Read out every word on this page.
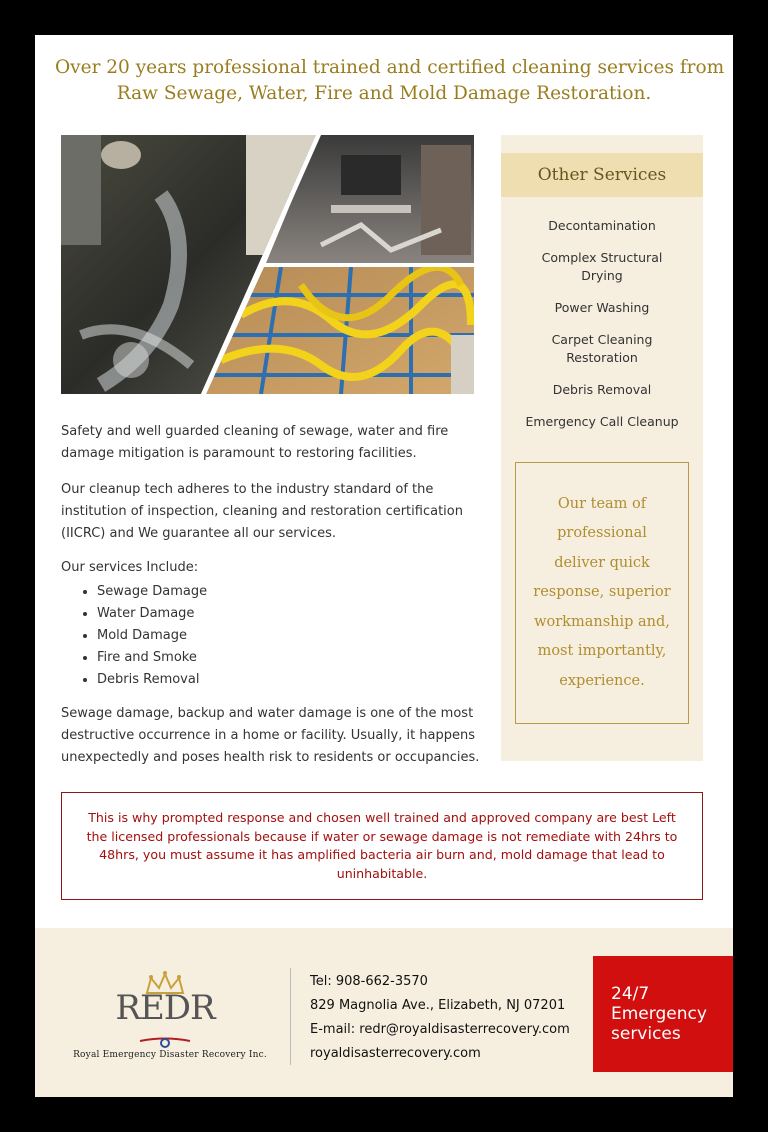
Over 20 years professional trained and certified cleaning services from
Raw Sewage, Water, Fire and Mold Damage Restoration.
Safety and well guarded cleaning of sewage, water and fire damage mitigation is paramount to restoring facilities.
Our cleanup tech adheres to the industry standard of the institution of inspection, cleaning and restoration certification (IICRC) and We guarantee all our services.
Our services Include:
• Sewage Damage
• Water Damage
• Mold Damage
• Fire and Smoke
• Debris Removal
Sewage damage, backup and water damage is one of the most destructive occurrence in a home or facility. Usually, it happens unexpectedly and poses health risk to residents or occupancies.
Other Services
Decontamination
Complex Structural Drying
Power Washing
Carpet Cleaning Restoration
Debris Removal
Emergency Call Cleanup
Our team of professional deliver quick response, superior workmanship and, most importantly, experience.
This is why prompted response and chosen well trained and approved company are best Left the licensed professionals because if water or sewage damage is not remediate with 24hrs to 48hrs, you must assume it has amplified bacteria air burn and, mold damage that lead to uninhabitable.
REDR
Royal Emergency Disaster Recovery Inc.
Tel: 908-662-3570
829 Magnolia Ave., Elizabeth, NJ 07201
E-mail: redr@royaldisasterrecovery.com
royaldisasterrecovery.com
24/7
Emergency
services
